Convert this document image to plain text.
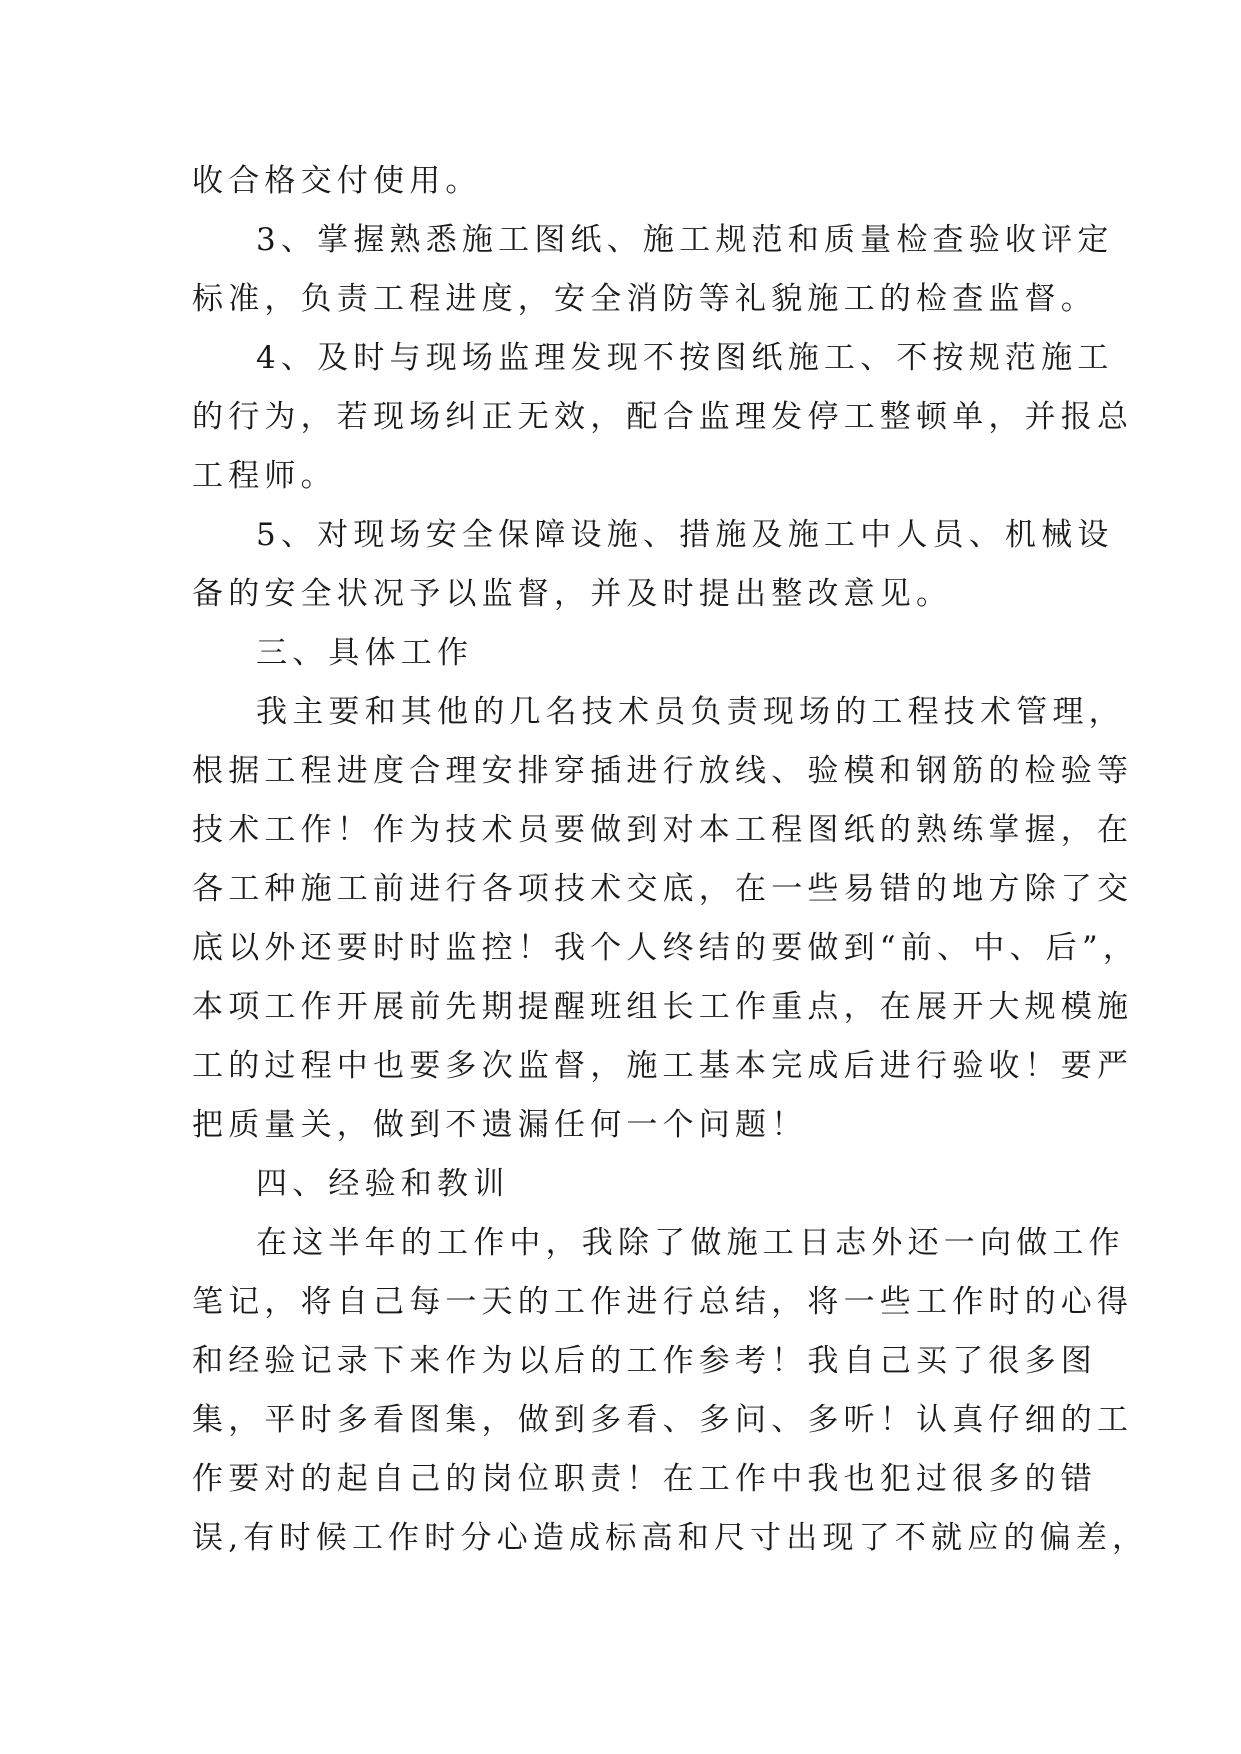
收合格交付使用。
3、掌握熟悉施工图纸、施工规范和质量检查验收评定
标准，负责工程进度，安全消防等礼貌施工的检查监督。
4、及时与现场监理发现不按图纸施工、不按规范施工
的行为，若现场纠正无效，配合监理发停工整顿单，并报总
工程师。
5、对现场安全保障设施、措施及施工中人员、机械设
备的安全状况予以监督，并及时提出整改意见。
三、具体工作
我主要和其他的几名技术员负责现场的工程技术管理，
根据工程进度合理安排穿插进行放线、验模和钢筋的检验等
技术工作！作为技术员要做到对本工程图纸的熟练掌握，在
各工种施工前进行各项技术交底，在一些易错的地方除了交
底以外还要时时监控！我个人终结的要做到“前、中、后”，
本项工作开展前先期提醒班组长工作重点，在展开大规模施
工的过程中也要多次监督，施工基本完成后进行验收！要严
把质量关，做到不遗漏任何一个问题！
四、经验和教训
在这半年的工作中，我除了做施工日志外还一向做工作
笔记，将自己每一天的工作进行总结，将一些工作时的心得
和经验记录下来作为以后的工作参考！我自己买了很多图
集，平时多看图集，做到多看、多问、多听！认真仔细的工
作要对的起自己的岗位职责！在工作中我也犯过很多的错
误,有时候工作时分心造成标高和尺寸出现了不就应的偏差，
